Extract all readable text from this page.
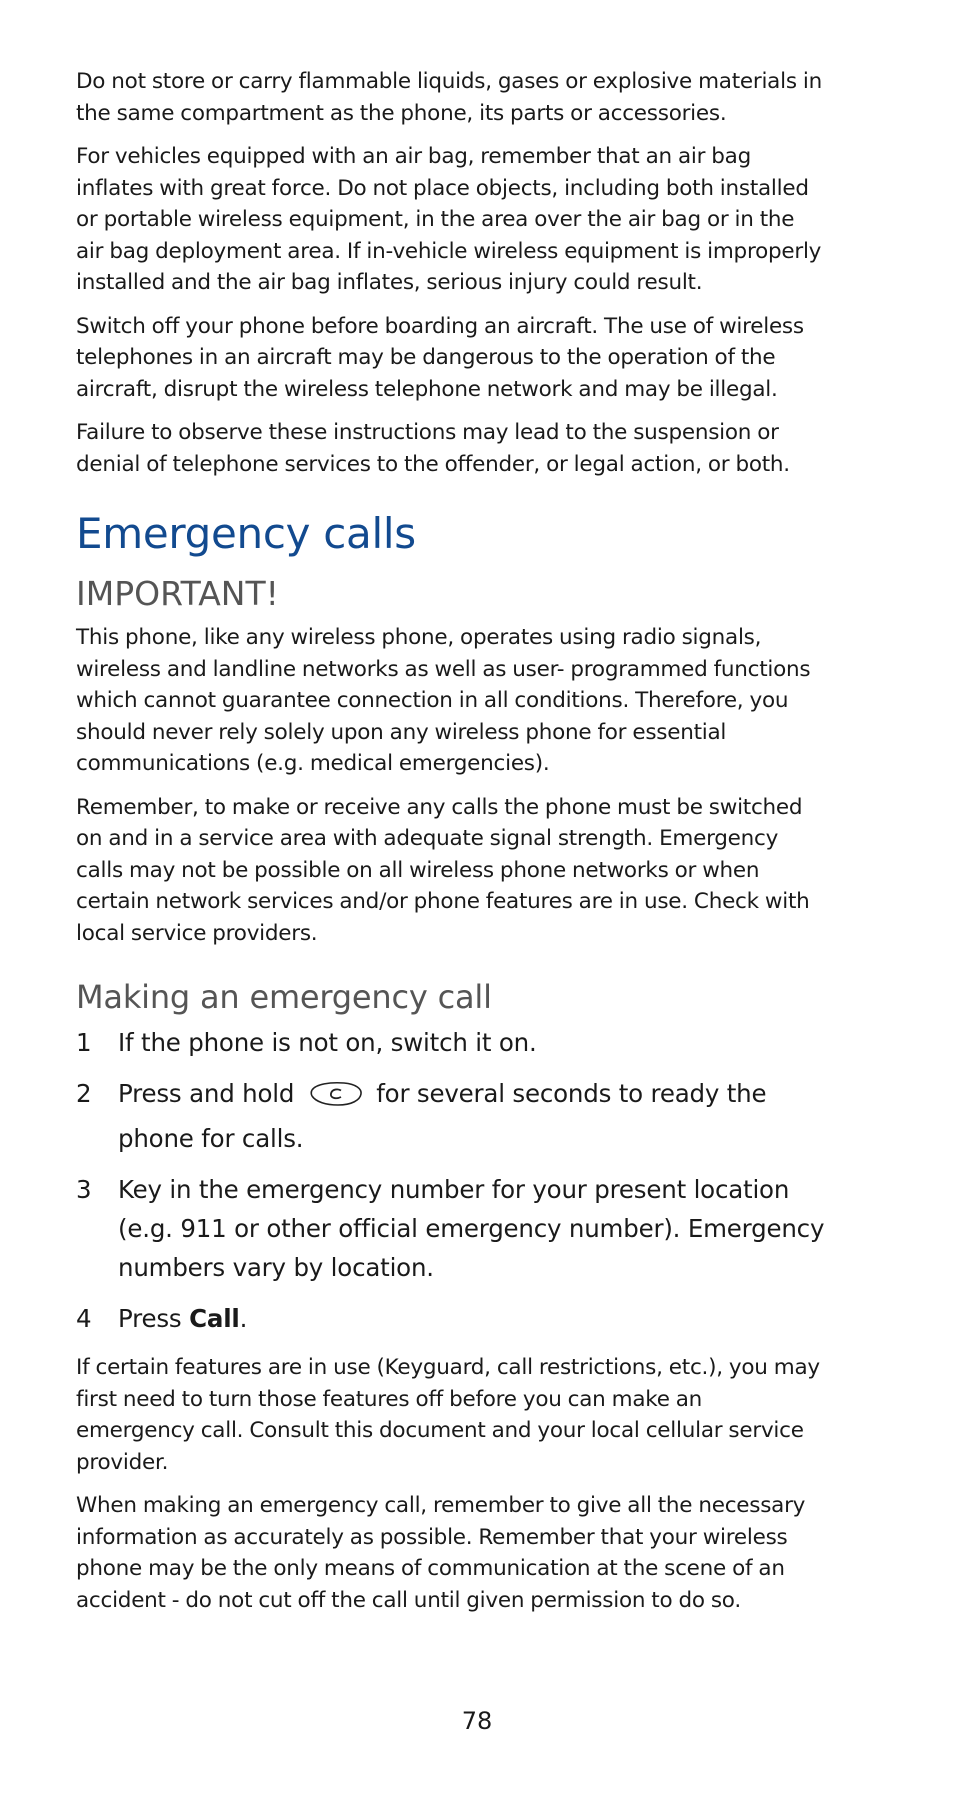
Do not store or carry flammable liquids, gases or explosive materials in the same compartment as the phone, its parts or accessories.

For vehicles equipped with an air bag, remember that an air bag inflates with great force. Do not place objects, including both installed or portable wireless equipment, in the area over the air bag or in the air bag deployment area. If in-vehicle wireless equipment is improperly installed and the air bag inflates, serious injury could result.

Switch off your phone before boarding an aircraft. The use of wireless telephones in an aircraft may be dangerous to the operation of the aircraft, disrupt the wireless telephone network and may be illegal.

Failure to observe these instructions may lead to the suspension or denial of telephone services to the offender, or legal action, or both.

Emergency calls
IMPORTANT!

This phone, like any wireless phone, operates using radio signals, wireless and landline networks as well as user- programmed functions which cannot guarantee connection in all conditions. Therefore, you should never rely solely upon any wireless phone for essential communications (e.g. medical emergencies).

Remember, to make or receive any calls the phone must be switched on and in a service area with adequate signal strength. Emergency calls may not be possible on all wireless phone networks or when certain network services and/or phone features are in use. Check with local service providers.

Making an emergency call
1	If the phone is not on, switch it on.
2	Press and hold	for several seconds to ready the phone for calls.
3	Key in the emergency number for your present location (e.g. 911 or other official emergency number). Emergency numbers vary by location.
4	Press Call.

If certain features are in use (Keyguard, call restrictions, etc.), you may first need to turn those features off before you can make an emergency call. Consult this document and your local cellular service provider.

When making an emergency call, remember to give all the necessary information as accurately as possible. Remember that your wireless phone may be the only means of communication at the scene of an accident - do not cut off the call until given permission to do so.

78
